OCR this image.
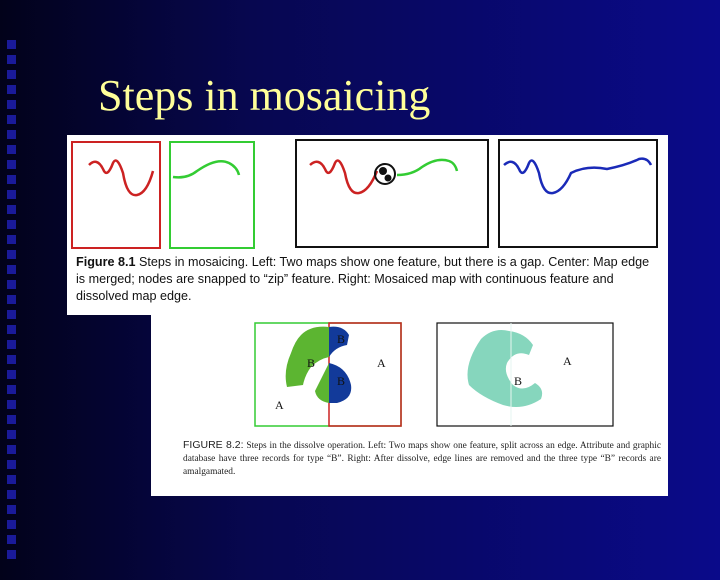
Steps in mosaicing
Figure 8.1 Steps in mosaicing. Left: Two maps show one feature, but there is a gap. Center: Map edge is merged; nodes are snapped to “zip” feature. Right: Mosaiced map with continuous feature and dissolved map edge.
B
B
B
A
A
A
B
FIGURE 8.2: Steps in the dissolve operation. Left: Two maps show one feature, split across an edge. Attribute and graphic database have three records for type “B”. Right: After dissolve, edge lines are removed and the three type “B” records are amalgamated.
